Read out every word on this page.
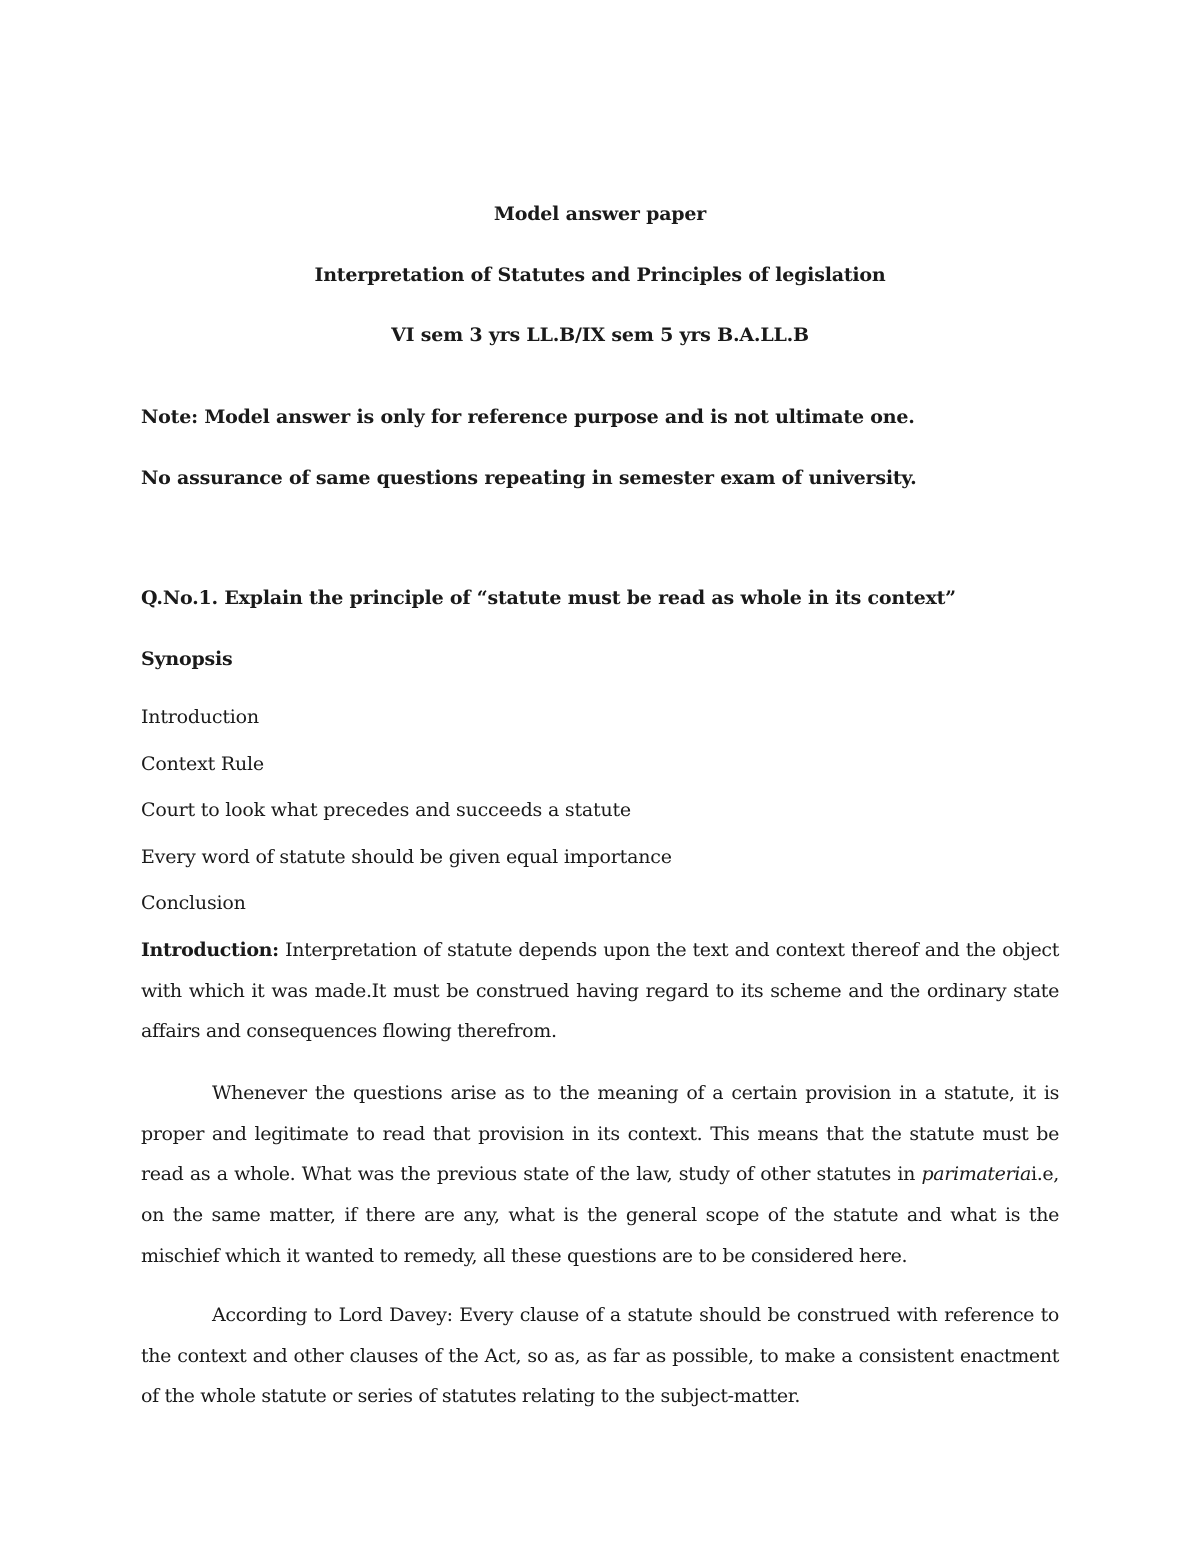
Model answer paper
Interpretation of Statutes and Principles of legislation
VI sem 3 yrs LL.B/IX sem 5 yrs B.A.LL.B
Note: Model answer is only for reference purpose and is not ultimate one.
No assurance of same questions repeating in semester exam of university.
Q.No.1. Explain the principle of “statute must be read as whole in its context”
Synopsis
Introduction
Context Rule
Court to look what precedes and succeeds a statute
Every word of statute should be given equal importance
Conclusion
Introduction: Interpretation of statute depends upon the text and context thereof and the object with which it was made.It must be construed having regard to its scheme and the ordinary state affairs and consequences flowing therefrom.
Whenever the questions arise as to the meaning of a certain provision in a statute, it is proper and legitimate to read that provision in its context. This means that the statute must be read as a whole. What was the previous state of the law, study of other statutes in parimateriai.e, on the same matter, if there are any, what is the general scope of the statute and what is the mischief which it wanted to remedy, all these questions are to be considered here.
According to Lord Davey: Every clause of a statute should be construed with reference to the context and other clauses of the Act, so as, as far as possible, to make a consistent enactment of the whole statute or series of statutes relating to the subject-matter.
